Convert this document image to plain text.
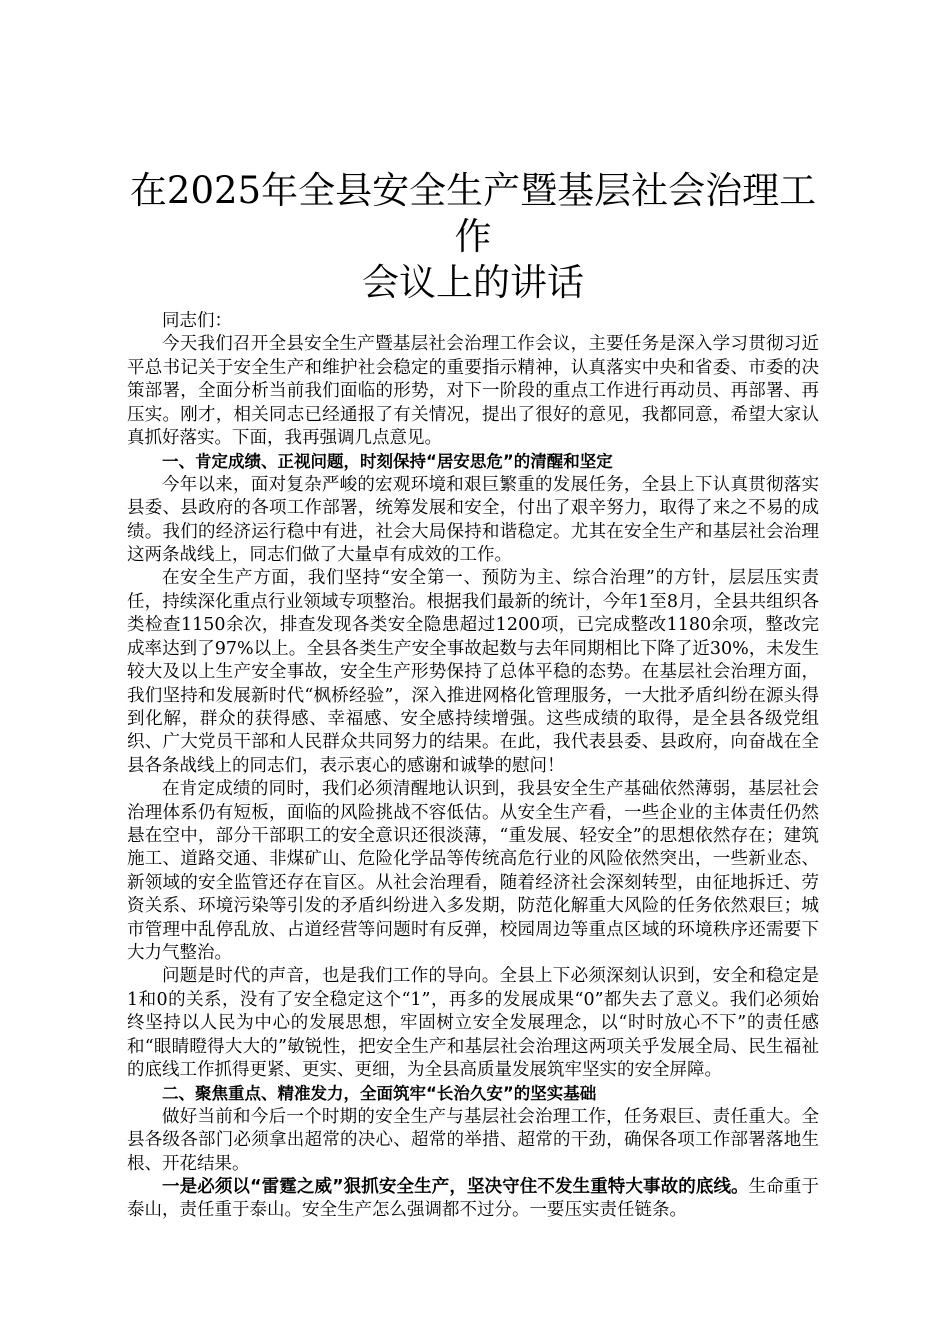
在2025年全县安全生产暨基层社会治理工作
会议上的讲话

同志们：

今天我们召开全县安全生产暨基层社会治理工作会议，主要任务是深入学习贯彻习近平总书记关于安全生产和维护社会稳定的重要指示精神，认真落实中央和省委、市委的决策部署，全面分析当前我们面临的形势，对下一阶段的重点工作进行再动员、再部署、再压实。刚才，相关同志已经通报了有关情况，提出了很好的意见，我都同意，希望大家认真抓好落实。下面，我再强调几点意见。

一、肯定成绩、正视问题，时刻保持“居安思危”的清醒和坚定

今年以来，面对复杂严峻的宏观环境和艰巨繁重的发展任务，全县上下认真贯彻落实县委、县政府的各项工作部署，统筹发展和安全，付出了艰辛努力，取得了来之不易的成绩。我们的经济运行稳中有进，社会大局保持和谐稳定。尤其在安全生产和基层社会治理这两条战线上，同志们做了大量卓有成效的工作。

在安全生产方面，我们坚持“安全第一、预防为主、综合治理”的方针，层层压实责任，持续深化重点行业领域专项整治。根据我们最新的统计，今年1至8月，全县共组织各类检查1150余次，排查发现各类安全隐患超过1200项，已完成整改1180余项，整改完成率达到了97%以上。全县各类生产安全事故起数与去年同期相比下降了近30%，未发生较大及以上生产安全事故，安全生产形势保持了总体平稳的态势。在基层社会治理方面，我们坚持和发展新时代“枫桥经验”，深入推进网格化管理服务，一大批矛盾纠纷在源头得到化解，群众的获得感、幸福感、安全感持续增强。这些成绩的取得，是全县各级党组织、广大党员干部和人民群众共同努力的结果。在此，我代表县委、县政府，向奋战在全县各条战线上的同志们，表示衷心的感谢和诚挚的慰问！

在肯定成绩的同时，我们必须清醒地认识到，我县安全生产基础依然薄弱，基层社会治理体系仍有短板，面临的风险挑战不容低估。从安全生产看，一些企业的主体责任仍然悬在空中，部分干部职工的安全意识还很淡薄，“重发展、轻安全”的思想依然存在；建筑施工、道路交通、非煤矿山、危险化学品等传统高危行业的风险依然突出，一些新业态、新领域的安全监管还存在盲区。从社会治理看，随着经济社会深刻转型，由征地拆迁、劳资关系、环境污染等引发的矛盾纠纷进入多发期，防范化解重大风险的任务依然艰巨；城市管理中乱停乱放、占道经营等问题时有反弹，校园周边等重点区域的环境秩序还需要下大力气整治。

问题是时代的声音，也是我们工作的导向。全县上下必须深刻认识到，安全和稳定是1和0的关系，没有了安全稳定这个“1”，再多的发展成果“0”都失去了意义。我们必须始终坚持以人民为中心的发展思想，牢固树立安全发展理念，以“时时放心不下”的责任感和“眼睛瞪得大大的”敏锐性，把安全生产和基层社会治理这两项关乎发展全局、民生福祉的底线工作抓得更紧、更实、更细，为全县高质量发展筑牢坚实的安全屏障。

二、聚焦重点、精准发力，全面筑牢“长治久安”的坚实基础

做好当前和今后一个时期的安全生产与基层社会治理工作，任务艰巨、责任重大。全县各级各部门必须拿出超常的决心、超常的举措、超常的干劲，确保各项工作部署落地生根、开花结果。

一是必须以“雷霆之威”狠抓安全生产，坚决守住不发生重特大事故的底线。生命重于泰山，责任重于泰山。安全生产怎么强调都不过分。一要压实责任链条。
